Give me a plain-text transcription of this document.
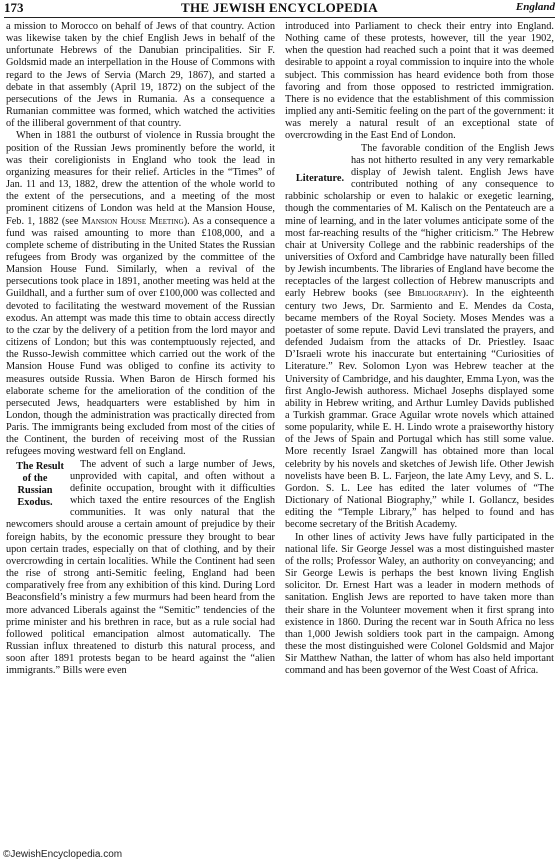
173	THE JEWISH ENCYCLOPEDIA	England

a mission to Morocco on behalf of Jews of that country. Action was likewise taken by the chief English Jews in behalf of the unfortunate Hebrews of the Danubian principalities. Sir F. Goldsmid made an interpellation in the House of Commons with regard to the Jews of Servia (March 29, 1867), and started a debate in that assembly (April 19, 1872) on the subject of the persecutions of the Jews in Rumania. As a consequence a Rumanian committee was formed, which watched the activities of the illiberal government of that country.

When in 1881 the outburst of violence in Russia brought the position of the Russian Jews prominently before the world, it was their coreligionists in England who took the lead in organizing measures for their relief. Articles in the “Times” of Jan. 11 and 13, 1882, drew the attention of the whole world to the extent of the persecutions, and a meeting of the most prominent citizens of London was held at the Mansion House, Feb. 1, 1882 (see Mansion House Meeting). As a consequence a fund was raised amounting to more than £108,000, and a complete scheme of distributing in the United States the Russian refugees from Brody was organized by the committee of the Mansion House Fund. Similarly, when a revival of the persecutions took place in 1891, another meeting was held at the Guildhall, and a further sum of over £100,000 was collected and devoted to facilitating the westward movement of the Russian exodus. An attempt was made this time to obtain access directly to the czar by the delivery of a petition from the lord mayor and citizens of London; but this was contemptuously rejected, and the Russo-Jewish committee which carried out the work of the Mansion House Fund was obliged to confine its activity to measures outside Russia. When Baron de Hirsch formed his elaborate scheme for the amelioration of the condition of the persecuted Jews, headquarters were established by him in London, though the administration was practically directed from Paris. The immigrants being excluded from most of the cities of the Continent, the burden of receiving most of the Russian refugees moving westward fell on England.

The Result of the Russian Exodus.
The advent of such a large number of Jews, unprovided with capital, and often without a definite occupation, brought with it difficulties which taxed the entire resources of the English communities. It was only natural that the newcomers should arouse a certain amount of prejudice by their foreign habits, by the economic pressure they brought to bear upon certain trades, especially on that of clothing, and by their overcrowding in certain localities. While the Continent had seen the rise of strong anti-Semitic feeling, England had been comparatively free from any exhibition of this kind. During Lord Beaconsfield’s ministry a few murmurs had been heard from the more advanced Liberals against the “Semitic” tendencies of the prime minister and his brethren in race, but as a rule social had followed political emancipation almost automatically. The Russian influx threatened to disturb this natural process, and soon after 1891 protests began to be heard against the “alien immigrants.” Bills were even

introduced into Parliament to check their entry into England. Nothing came of these protests, however, till the year 1902, when the question had reached such a point that it was deemed desirable to appoint a royal commission to inquire into the whole subject. This commission has heard evidence both from those favoring and from those opposed to restricted immigration. There is no evidence that the establishment of this commission implied any anti-Semitic feeling on the part of the government: it was merely a natural result of an exceptional state of overcrowding in the East End of London.

Literature.
The favorable condition of the English Jews has not hitherto resulted in any very remarkable display of Jewish talent. English Jews have contributed nothing of any consequence to rabbinic scholarship or even to halakic or exegetic learning, though the commentaries of M. Kalisch on the Pentateuch are a mine of learning, and in the later volumes anticipate some of the most far-reaching results of the “higher criticism.” The Hebrew chair at University College and the rabbinic readerships of the universities of Oxford and Cambridge have naturally been filled by Jewish incumbents. The libraries of England have become the receptacles of the largest collection of Hebrew manuscripts and early Hebrew books (see Bibliography). In the eighteenth century two Jews, Dr. Sarmiento and E. Mendes da Costa, became members of the Royal Society. Moses Mendes was a poetaster of some repute. David Levi translated the prayers, and defended Judaism from the attacks of Dr. Priestley. Isaac D’Israeli wrote his inaccurate but entertaining “Curiosities of Literature.” Rev. Solomon Lyon was Hebrew teacher at the University of Cambridge, and his daughter, Emma Lyon, was the first Anglo-Jewish authoress. Michael Josephs displayed some ability in Hebrew writing, and Arthur Lumley Davids published a Turkish grammar. Grace Aguilar wrote novels which attained some popularity, while E. H. Lindo wrote a praiseworthy history of the Jews of Spain and Portugal which has still some value. More recently Israel Zangwill has obtained more than local celebrity by his novels and sketches of Jewish life. Other Jewish novelists have been B. L. Farjeon, the late Amy Levy, and S. L. Gordon. S. L. Lee has edited the later volumes of “The Dictionary of National Biography,” while I. Gollancz, besides editing the “Temple Library,” has helped to found and has become secretary of the British Academy.

In other lines of activity Jews have fully participated in the national life. Sir George Jessel was a most distinguished master of the rolls; Professor Waley, an authority on conveyancing; and Sir George Lewis is perhaps the best known living English solicitor. Dr. Ernest Hart was a leader in modern methods of sanitation. English Jews are reported to have taken more than their share in the Volunteer movement when it first sprang into existence in 1860. During the recent war in South Africa no less than 1,000 Jewish soldiers took part in the campaign. Among these the most distinguished were Colonel Goldsmid and Major Sir Matthew Nathan, the latter of whom has also held important command and has been governor of the West Coast of Africa.

©JewishEncyclopedia.com
